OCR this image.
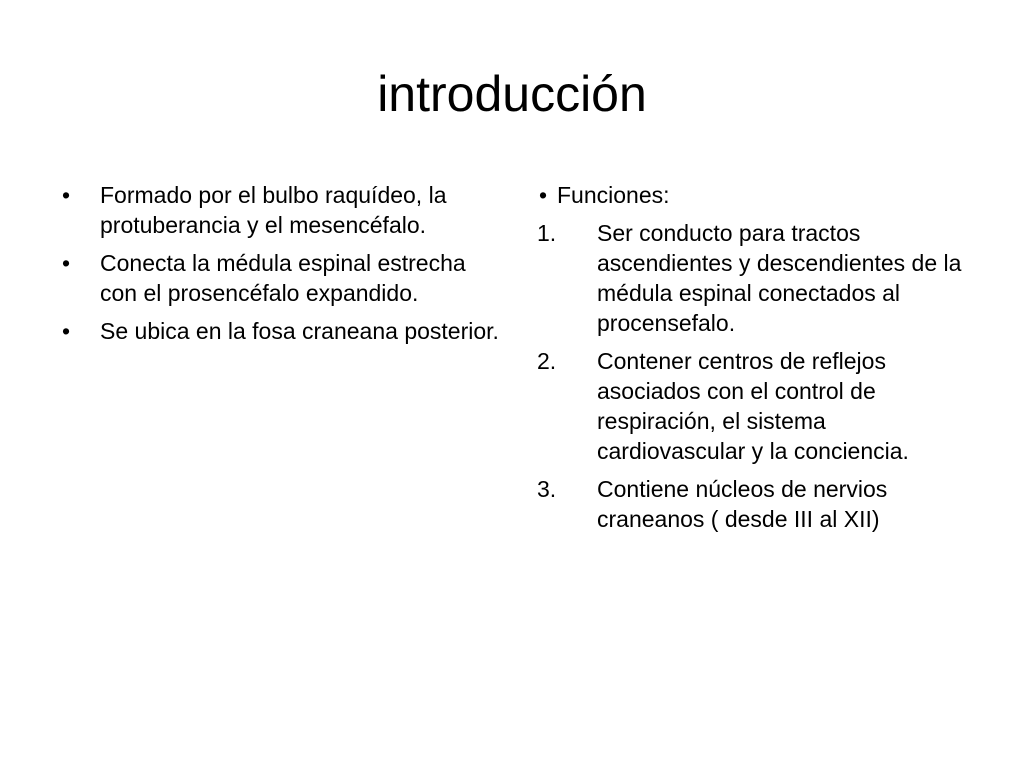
introducción
•	Formado por el bulbo raquídeo, la protuberancia y el mesencéfalo.
•	Conecta la médula espinal estrecha con el prosencéfalo expandido.
•	Se ubica en la fosa craneana posterior.
• Funciones:
1.	Ser conducto para tractos ascendientes y descendientes de la médula espinal conectados al procensefalo.
2.	Contener centros de reflejos asociados con el control de respiración, el sistema cardiovascular y la conciencia.
3.	Contiene núcleos de nervios craneanos ( desde III al XII)
